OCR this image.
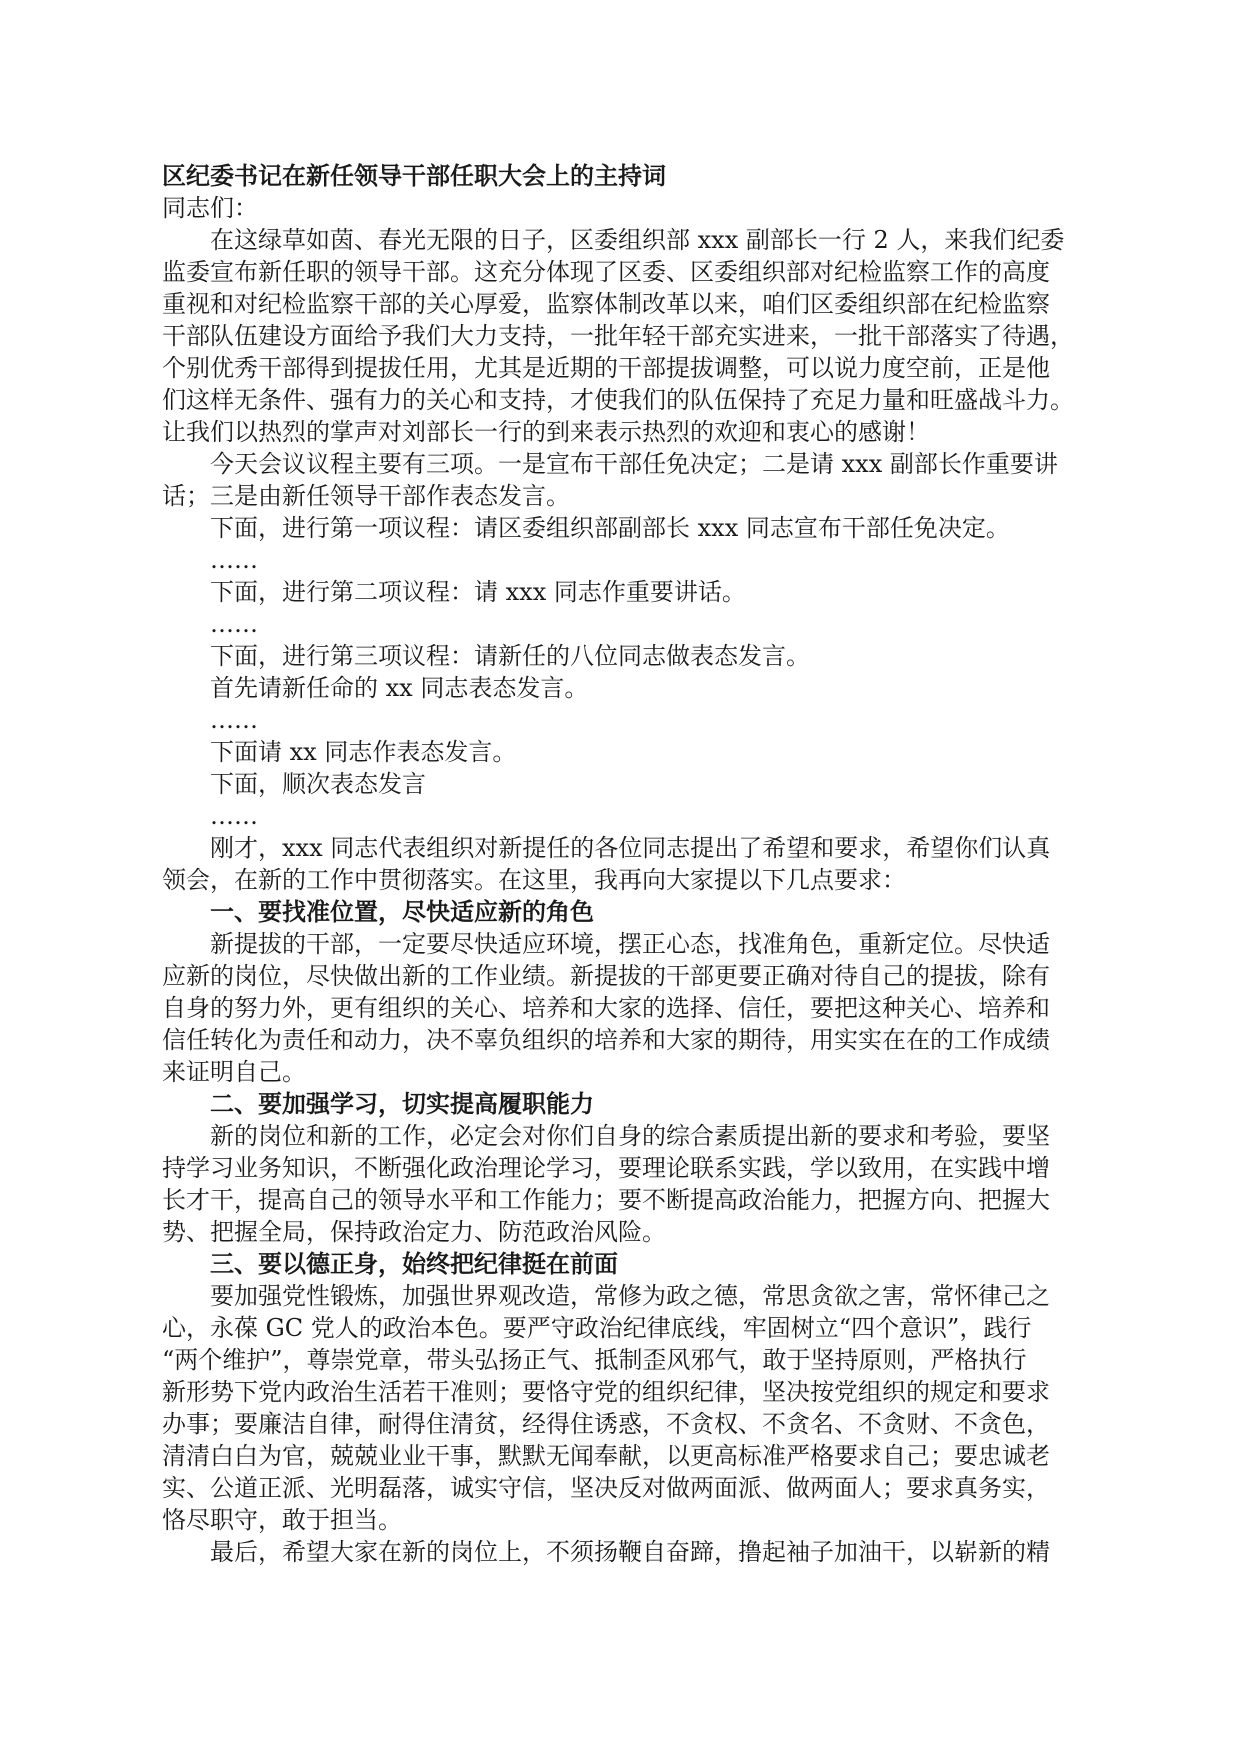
区纪委书记在新任领导干部任职大会上的主持词
同志们：
在这绿草如茵、春光无限的日子，区委组织部 xxx 副部长一行 2 人，来我们纪委
监委宣布新任职的领导干部。这充分体现了区委、区委组织部对纪检监察工作的高度
重视和对纪检监察干部的关心厚爱，监察体制改革以来，咱们区委组织部在纪检监察
干部队伍建设方面给予我们大力支持，一批年轻干部充实进来，一批干部落实了待遇，
个别优秀干部得到提拔任用，尤其是近期的干部提拔调整，可以说力度空前，正是他
们这样无条件、强有力的关心和支持，才使我们的队伍保持了充足力量和旺盛战斗力。
让我们以热烈的掌声对刘部长一行的到来表示热烈的欢迎和衷心的感谢！
今天会议议程主要有三项。一是宣布干部任免决定；二是请 xxx 副部长作重要讲
话；三是由新任领导干部作表态发言。
下面，进行第一项议程：请区委组织部副部长 xxx 同志宣布干部任免决定。
……
下面，进行第二项议程：请 xxx 同志作重要讲话。
……
下面，进行第三项议程：请新任的八位同志做表态发言。
首先请新任命的 xx 同志表态发言。
……
下面请 xx 同志作表态发言。
下面，顺次表态发言
……
刚才，xxx 同志代表组织对新提任的各位同志提出了希望和要求，希望你们认真
领会，在新的工作中贯彻落实。在这里，我再向大家提以下几点要求：
一、要找准位置，尽快适应新的角色
新提拔的干部，一定要尽快适应环境，摆正心态，找准角色，重新定位。尽快适
应新的岗位，尽快做出新的工作业绩。新提拔的干部更要正确对待自己的提拔，除有
自身的努力外，更有组织的关心、培养和大家的选择、信任，要把这种关心、培养和
信任转化为责任和动力，决不辜负组织的培养和大家的期待，用实实在在的工作成绩
来证明自己。
二、要加强学习，切实提高履职能力
新的岗位和新的工作，必定会对你们自身的综合素质提出新的要求和考验，要坚
持学习业务知识，不断强化政治理论学习，要理论联系实践，学以致用，在实践中增
长才干，提高自己的领导水平和工作能力；要不断提高政治能力，把握方向、把握大
势、把握全局，保持政治定力、防范政治风险。
三、要以德正身，始终把纪律挺在前面
要加强党性锻炼，加强世界观改造，常修为政之德，常思贪欲之害，常怀律己之
心，永葆 GC 党人的政治本色。要严守政治纪律底线，牢固树立“四个意识”，践行
“两个维护”，尊崇党章，带头弘扬正气、抵制歪风邪气，敢于坚持原则，严格执行
新形势下党内政治生活若干准则；要恪守党的组织纪律，坚决按党组织的规定和要求
办事；要廉洁自律，耐得住清贫，经得住诱惑，不贪权、不贪名、不贪财、不贪色，
清清白白为官，兢兢业业干事，默默无闻奉献，以更高标准严格要求自己；要忠诚老
实、公道正派、光明磊落，诚实守信，坚决反对做两面派、做两面人；要求真务实，
恪尽职守，敢于担当。
最后，希望大家在新的岗位上，不须扬鞭自奋蹄，撸起袖子加油干，以崭新的精
